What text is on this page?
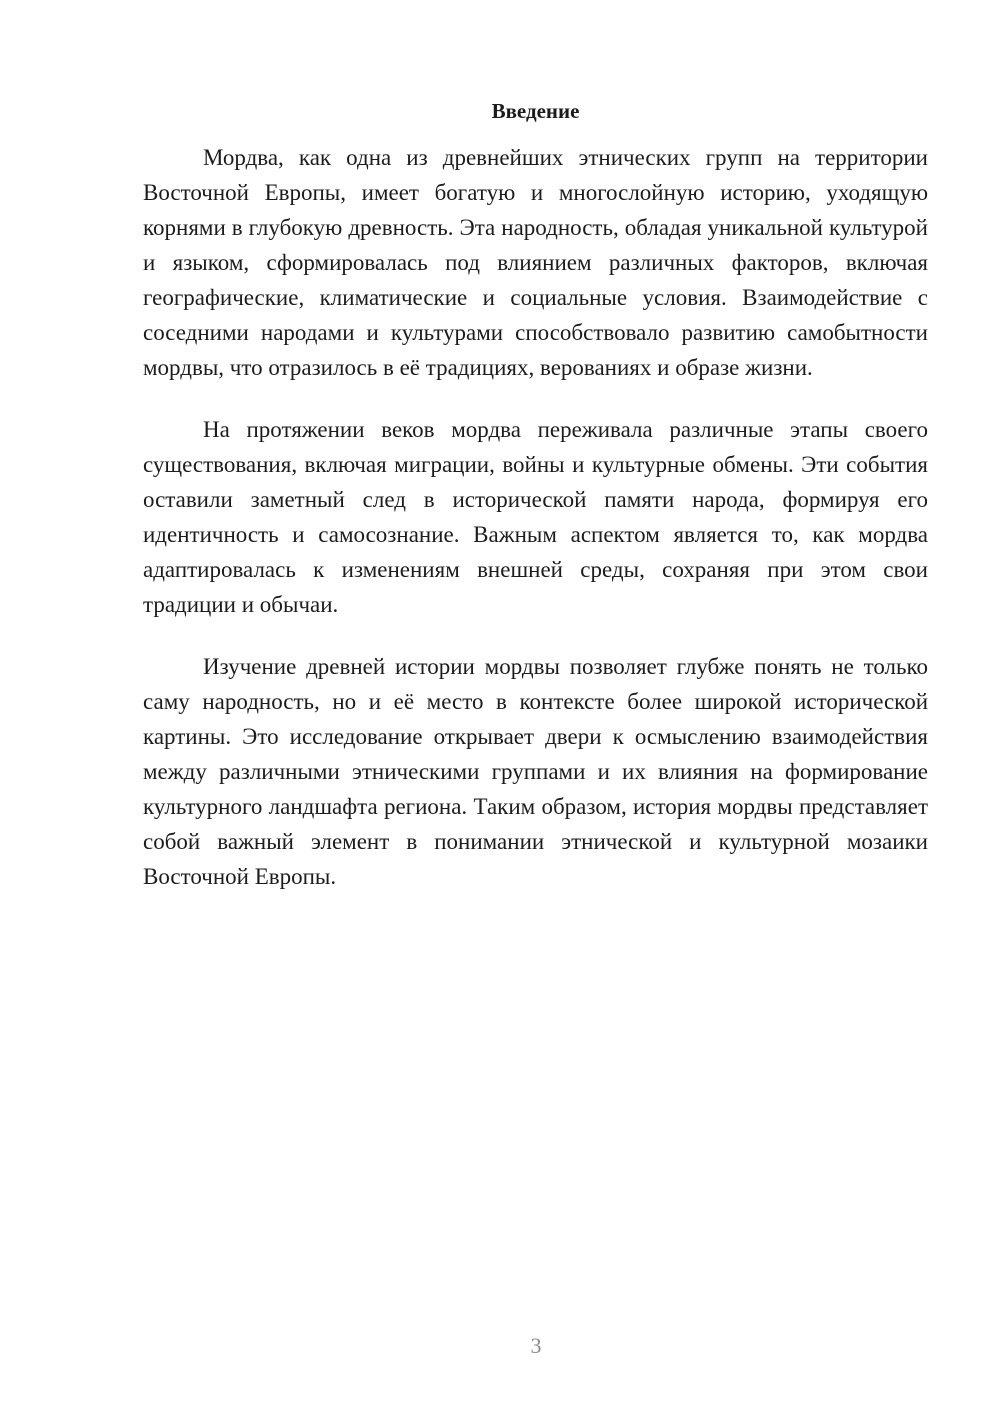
Введение

Мордва, как одна из древнейших этнических групп на территории Восточной Европы, имеет богатую и многослойную историю, уходящую корнями в глубокую древность. Эта народность, обладая уникальной культурой и языком, сформировалась под влиянием различных факторов, включая географические, климатические и социальные условия. Взаимодействие с соседними народами и культурами способствовало развитию самобытности мордвы, что отразилось в её традициях, верованиях и образе жизни.

На протяжении веков мордва переживала различные этапы своего существования, включая миграции, войны и культурные обмены. Эти события оставили заметный след в исторической памяти народа, формируя его идентичность и самосознание. Важным аспектом является то, как мордва адаптировалась к изменениям внешней среды, сохраняя при этом свои традиции и обычаи.

Изучение древней истории мордвы позволяет глубже понять не только саму народность, но и её место в контексте более широкой исторической картины. Это исследование открывает двери к осмыслению взаимодействия между различными этническими группами и их влияния на формирование культурного ландшафта региона. Таким образом, история мордвы представляет собой важный элемент в понимании этнической и культурной мозаики Восточной Европы.

3
